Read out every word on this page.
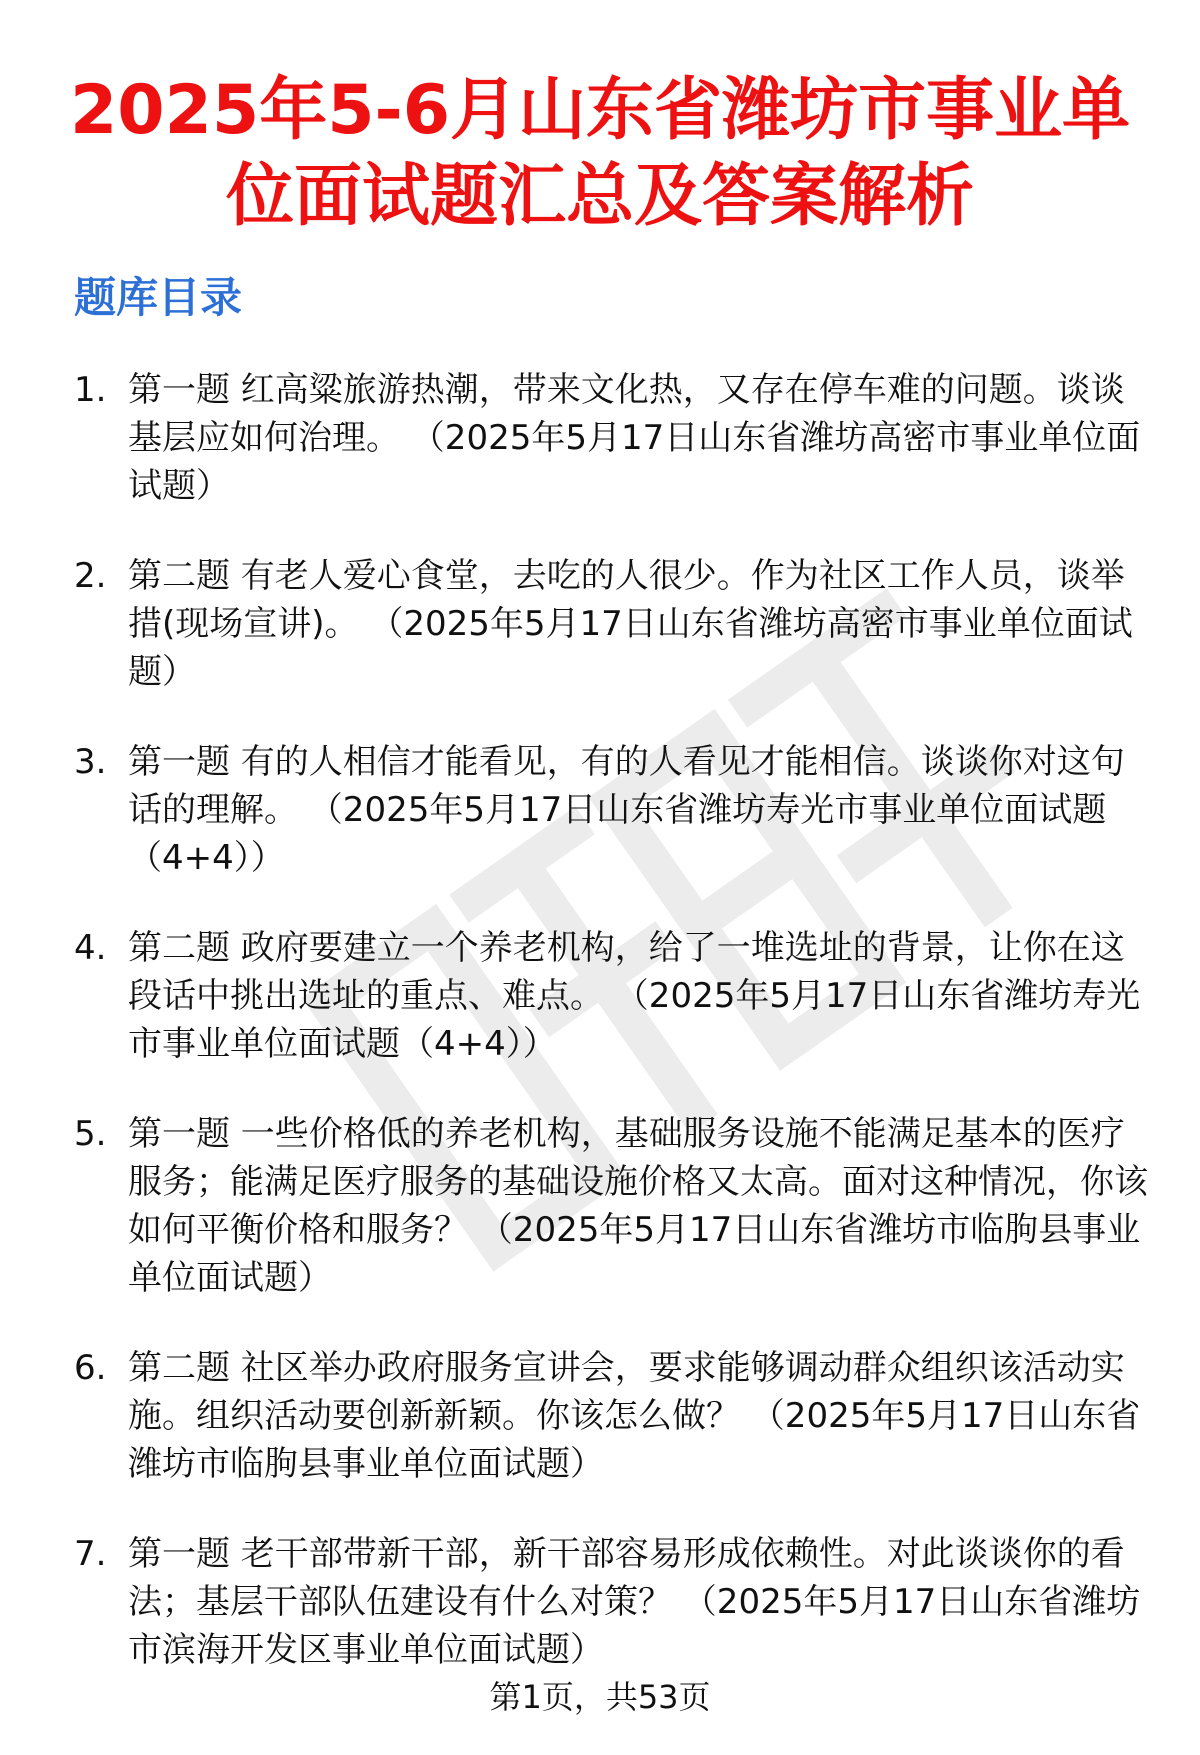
2025年5-6月山东省潍坊市事业单位面试题汇总及答案解析
题库目录
1. 第一题 红高粱旅游热潮，带来文化热，又存在停车难的问题。谈谈基层应如何治理。 （2025年5月17日山东省潍坊高密市事业单位面试题）
2. 第二题 有老人爱心食堂，去吃的人很少。作为社区工作人员，谈举措(现场宣讲)。 （2025年5月17日山东省潍坊高密市事业单位面试题）
3. 第一题 有的人相信才能看见，有的人看见才能相信。谈谈你对这句话的理解。 （2025年5月17日山东省潍坊寿光市事业单位面试题（4+4））
4. 第二题 政府要建立一个养老机构，给了一堆选址的背景，让你在这段话中挑出选址的重点、难点。 （2025年5月17日山东省潍坊寿光市事业单位面试题（4+4））
5. 第一题 一些价格低的养老机构，基础服务设施不能满足基本的医疗服务；能满足医疗服务的基础设施价格又太高。面对这种情况，你该如何平衡价格和服务？ （2025年5月17日山东省潍坊市临朐县事业单位面试题）
6. 第二题 社区举办政府服务宣讲会，要求能够调动群众组织该活动实施。组织活动要创新新颖。你该怎么做？ （2025年5月17日山东省潍坊市临朐县事业单位面试题）
7. 第一题 老干部带新干部，新干部容易形成依赖性。对此谈谈你的看法；基层干部队伍建设有什么对策？ （2025年5月17日山东省潍坊市滨海开发区事业单位面试题）
第1页，共53页
